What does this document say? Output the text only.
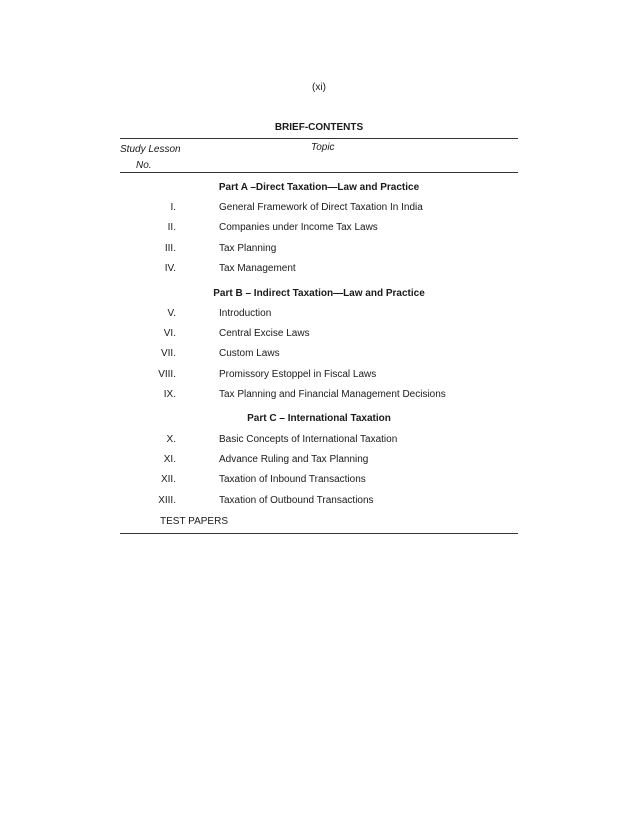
(xi)
BRIEF-CONTENTS
Study Lesson
No.
Topic
Part A –Direct Taxation—Law and Practice
I.	General Framework of Direct Taxation In India
II.	Companies under Income Tax Laws
III.	Tax Planning
IV.	Tax Management
Part B – Indirect Taxation—Law and Practice
V.	Introduction
VI.	Central Excise Laws
VII.	Custom Laws
VIII.	Promissory Estoppel in Fiscal Laws
IX.	Tax Planning and Financial Management Decisions
Part C – International Taxation
X.	Basic Concepts of International Taxation
XI.	Advance Ruling and Tax Planning
XII.	Taxation of Inbound Transactions
XIII.	Taxation of Outbound Transactions
TEST PAPERS
